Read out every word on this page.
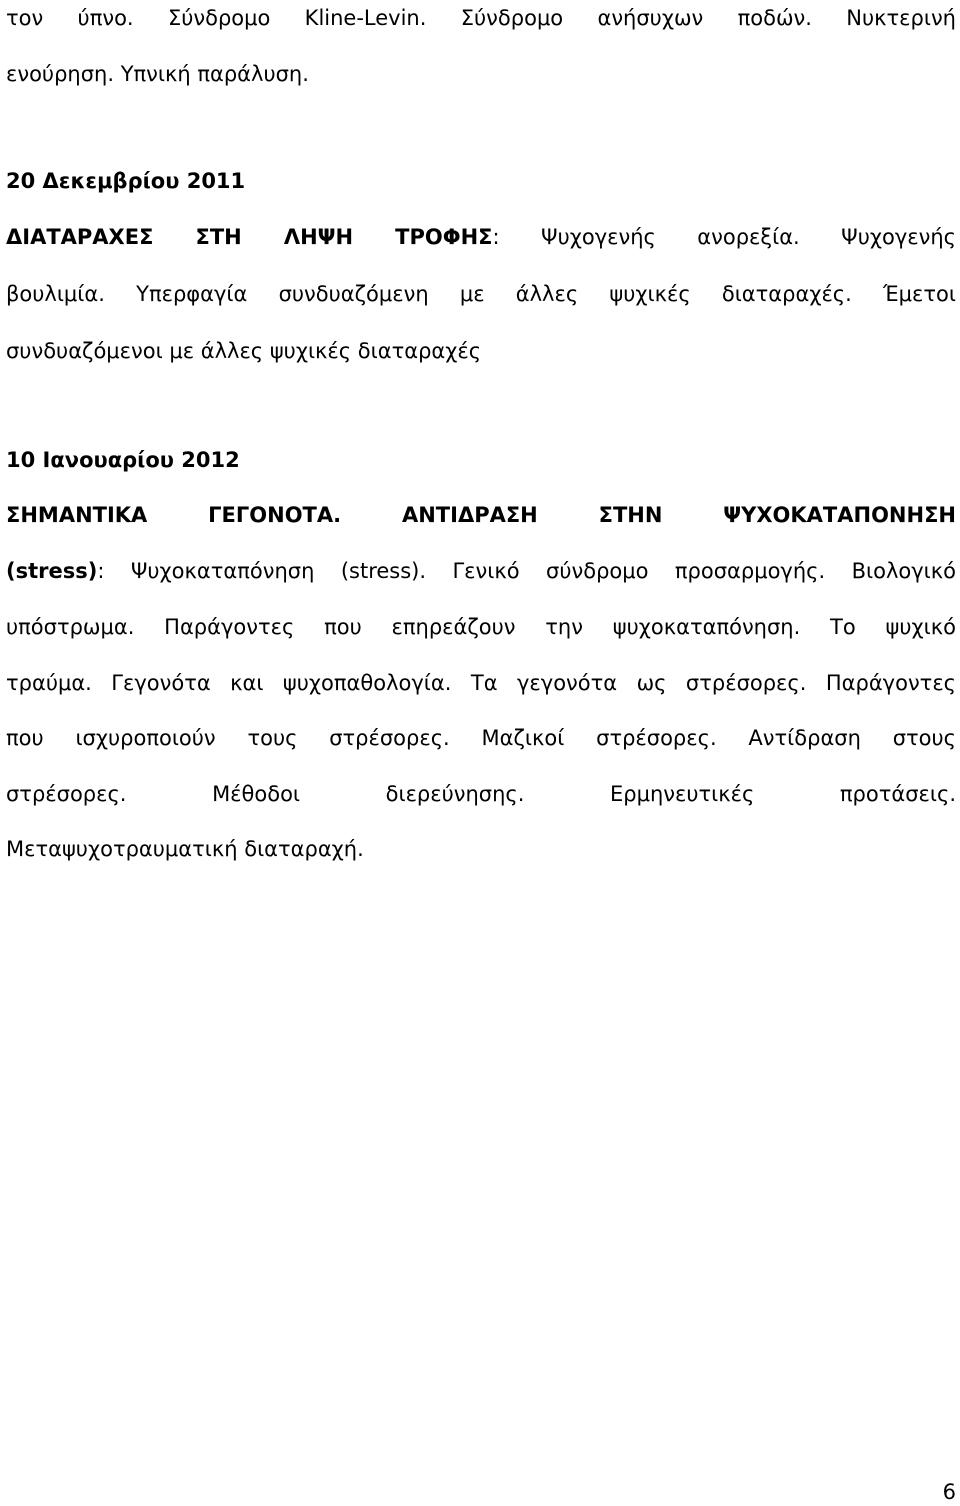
τον ύπνο. Σύνδρομο Kline-Levin. Σύνδρομο ανήσυχων ποδών. Νυκτερινή
ενούρηση. Υπνική παράλυση.
20 Δεκεμβρίου 2011
ΔΙΑΤΑΡΑΧΕΣ ΣΤΗ ΛΗΨΗ ΤΡΟΦΗΣ: Ψυχογενής ανορεξία. Ψυχογενής
βουλιμία. Υπερφαγία συνδυαζόμενη με άλλες ψυχικές διαταραχές. Έμετοι
συνδυαζόμενοι με άλλες ψυχικές διαταραχές
10 Ιανουαρίου 2012
ΣΗΜΑΝΤΙΚΑ ΓΕΓΟΝΟΤΑ. ΑΝΤΙΔΡΑΣΗ ΣΤΗΝ ΨΥΧΟΚΑΤΑΠΟΝΗΣΗ
(stress): Ψυχοκαταπόνηση (stress). Γενικό σύνδρομο προσαρμογής. Βιολογικό
υπόστρωμα. Παράγοντες που επηρεάζουν την ψυχοκαταπόνηση. Το ψυχικό
τραύμα. Γεγονότα και ψυχοπαθολογία. Τα γεγονότα ως στρέσορες. Παράγοντες
που ισχυροποιούν τους στρέσορες. Μαζικοί στρέσορες. Αντίδραση στους
στρέσορες. Μέθοδοι διερεύνησης. Ερμηνευτικές προτάσεις.
Μεταψυχοτραυματική διαταραχή.
6
